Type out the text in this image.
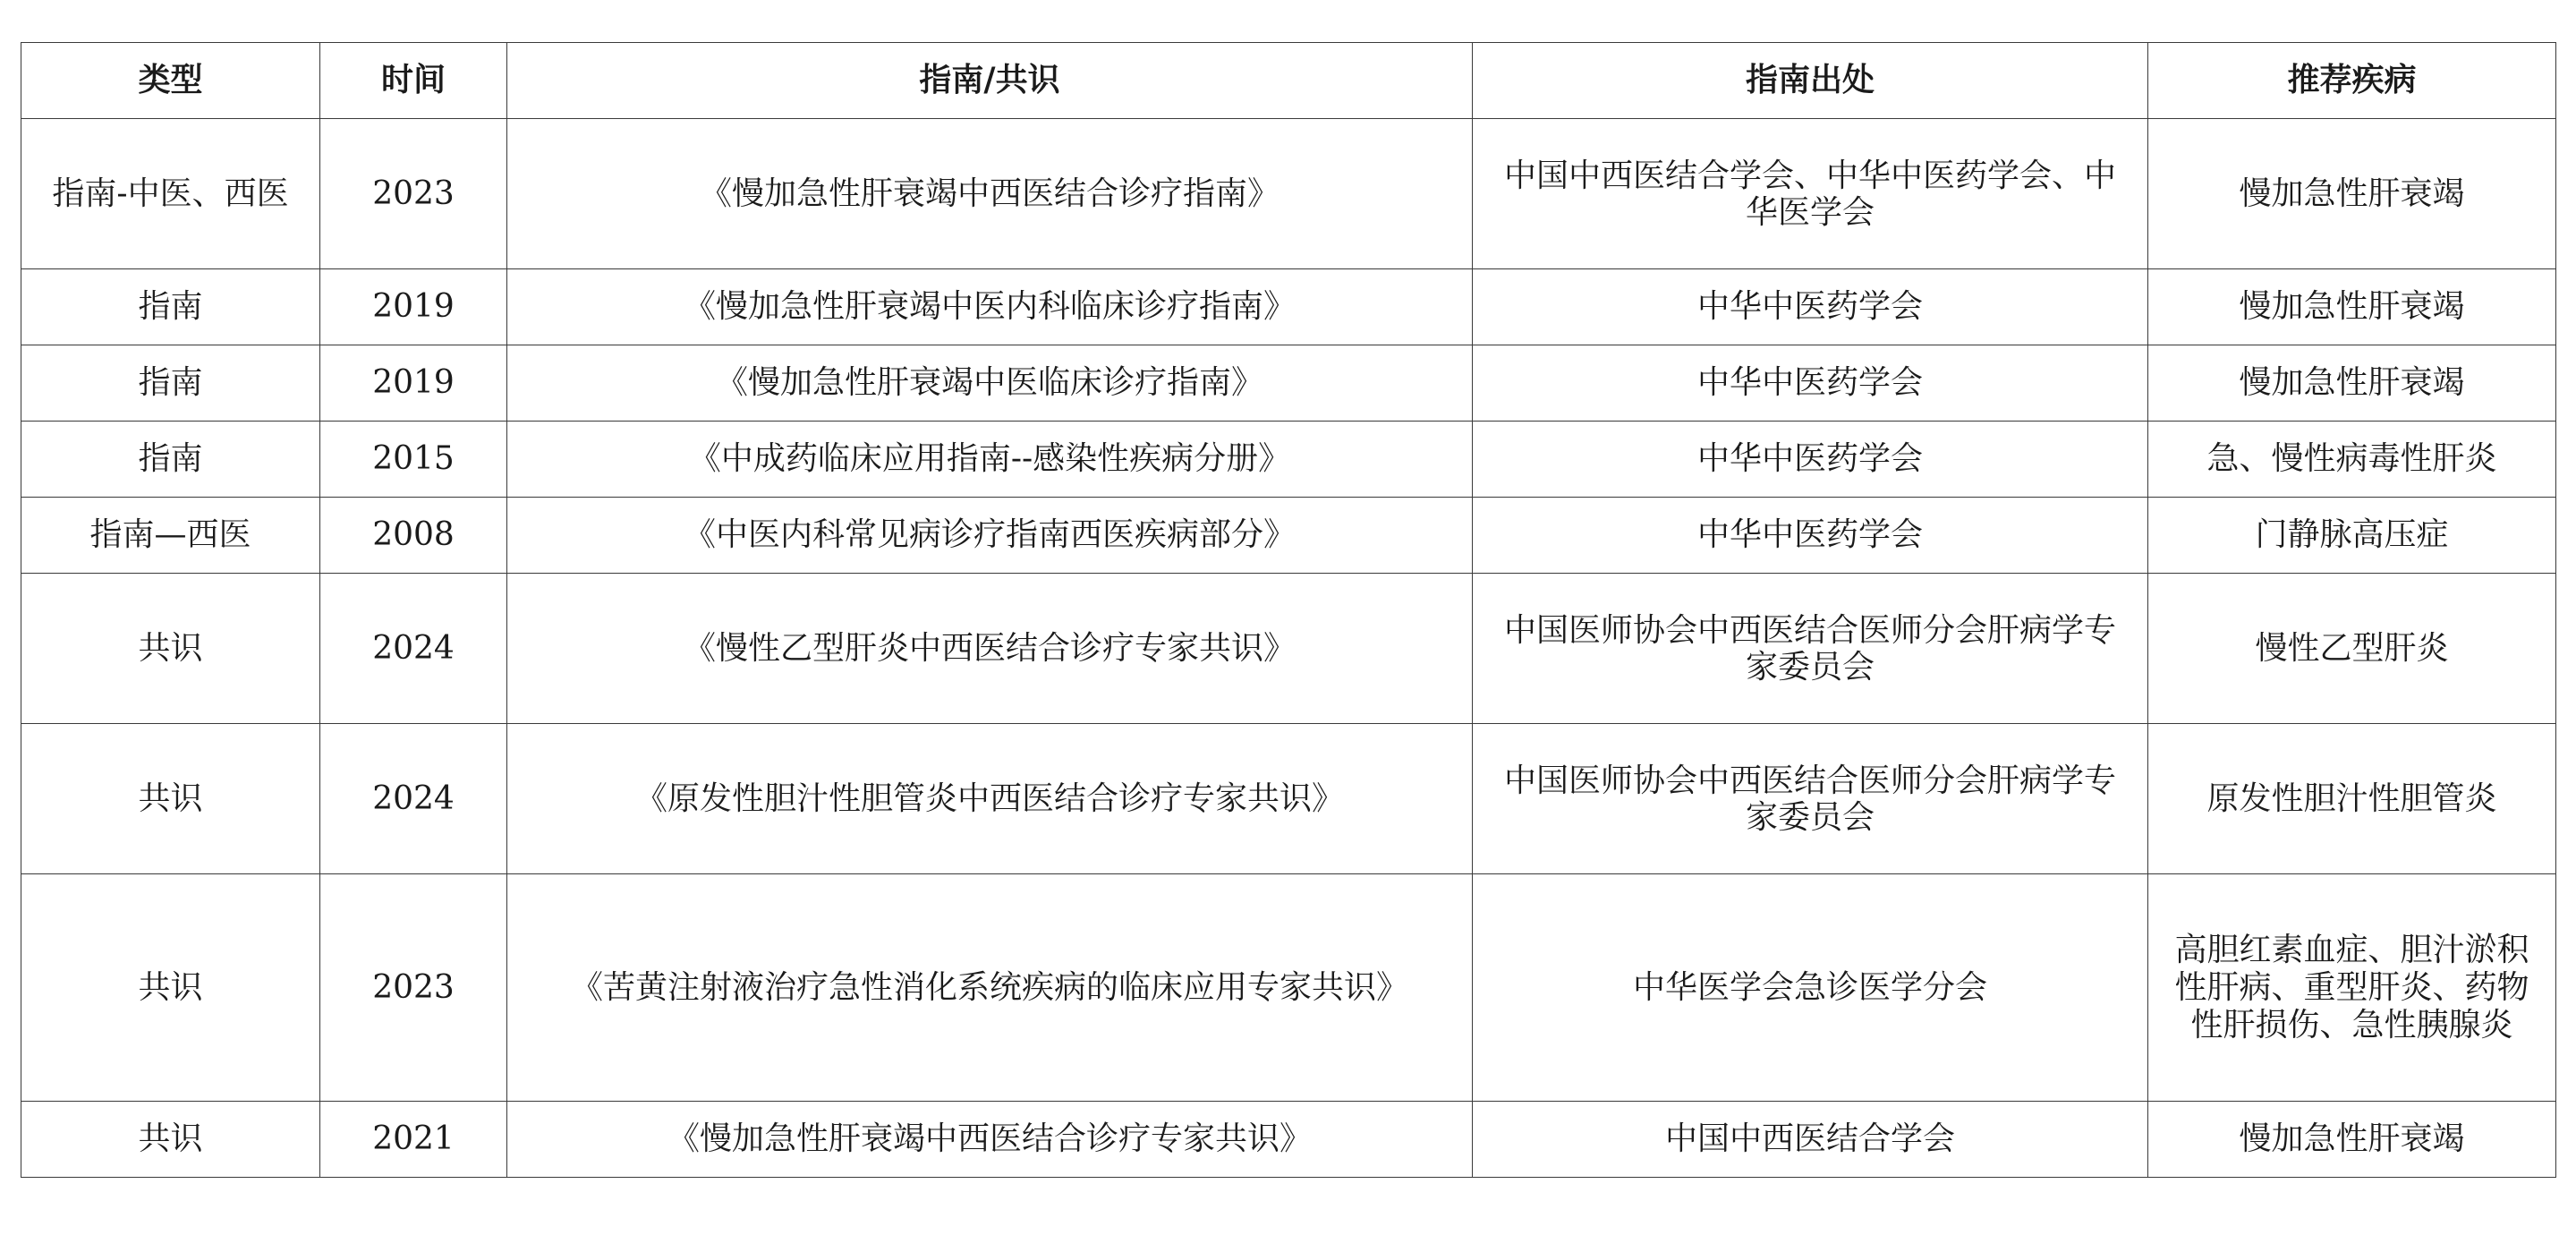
类型	时间	指南/共识	指南出处	推荐疾病
指南-中医、西医	2023	《慢加急性肝衰竭中西医结合诊疗指南》	中国中西医结合学会、中华中医药学会、中华医学会	慢加急性肝衰竭
指南	2019	《慢加急性肝衰竭中医内科临床诊疗指南》	中华中医药学会	慢加急性肝衰竭
指南	2019	《慢加急性肝衰竭中医临床诊疗指南》	中华中医药学会	慢加急性肝衰竭
指南	2015	《中成药临床应用指南--感染性疾病分册》	中华中医药学会	急、慢性病毒性肝炎
指南—西医	2008	《中医内科常见病诊疗指南西医疾病部分》	中华中医药学会	门静脉高压症
共识	2024	《慢性乙型肝炎中西医结合诊疗专家共识》	中国医师协会中西医结合医师分会肝病学专家委员会	慢性乙型肝炎
共识	2024	《原发性胆汁性胆管炎中西医结合诊疗专家共识》	中国医师协会中西医结合医师分会肝病学专家委员会	原发性胆汁性胆管炎
共识	2023	《苦黄注射液治疗急性消化系统疾病的临床应用专家共识》	中华医学会急诊医学分会	高胆红素血症、胆汁淤积性肝病、重型肝炎、药物性肝损伤、急性胰腺炎

共识	2021	《慢加急性肝衰竭中西医结合诊疗专家共识》	中国中西医结合学会	慢加急性肝衰竭
